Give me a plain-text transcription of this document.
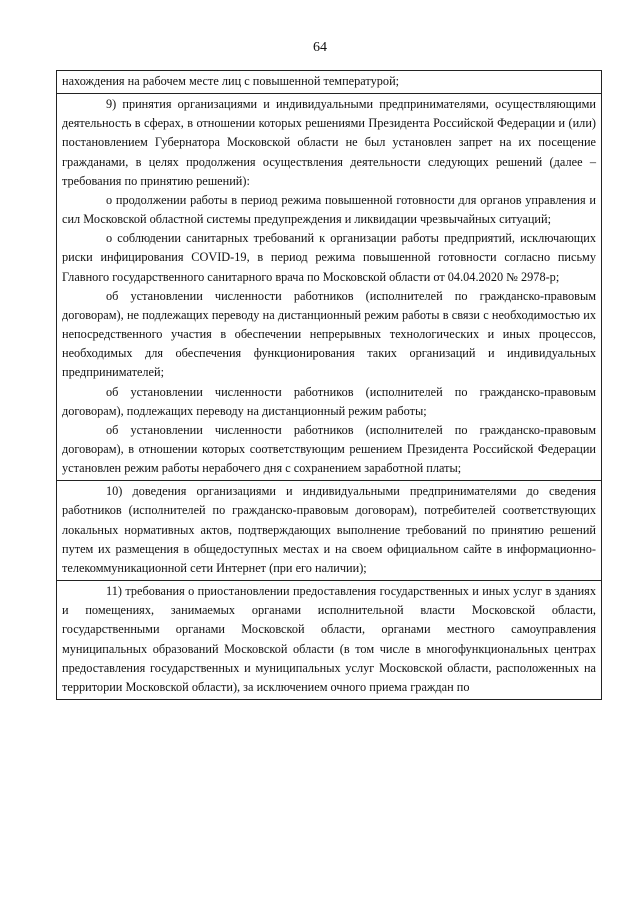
64

нахождения на рабочем месте лиц с повышенной температурой;

9) принятия организациями и индивидуальными предпринимателями, осуществляющими деятельность в сферах, в отношении которых решениями Президента Российской Федерации и (или) постановлением Губернатора Московской области не был установлен запрет на их посещение гражданами, в целях продолжения осуществления деятельности следующих решений (далее – требования по принятию решений):

о продолжении работы в период режима повышенной готовности для органов управления и сил Московской областной системы предупреждения и ликвидации чрезвычайных ситуаций;

о соблюдении санитарных требований к организации работы предприятий, исключающих риски инфицирования COVID-19, в период режима повышенной готовности согласно письму Главного государственного санитарного врача по Московской области от 04.04.2020 № 2978-р;

об установлении численности работников (исполнителей по гражданско-правовым договорам), не подлежащих переводу на дистанционный режим работы в связи с необходимостью их непосредственного участия в обеспечении непрерывных технологических и иных процессов, необходимых для обеспечения функционирования таких организаций и индивидуальных предпринимателей;

об установлении численности работников (исполнителей по гражданско-правовым договорам), подлежащих переводу на дистанционный режим работы;

об установлении численности работников (исполнителей по гражданско-правовым договорам), в отношении которых соответствующим решением Президента Российской Федерации установлен режим работы нерабочего дня с сохранением заработной платы;

10) доведения организациями и индивидуальными предпринимателями до сведения работников (исполнителей по гражданско-правовым договорам), потребителей соответствующих локальных нормативных актов, подтверждающих выполнение требований по принятию решений путем их размещения в общедоступных местах и на своем официальном сайте в информационно-телекоммуникационной сети Интернет (при его наличии);

11) требования о приостановлении предоставления государственных и иных услуг в зданиях и помещениях, занимаемых органами исполнительной власти Московской области, государственными органами Московской области, органами местного самоуправления муниципальных образований Московской области (в том числе в многофункциональных центрах предоставления государственных и муниципальных услуг Московской области, расположенных на территории Московской области), за исключением очного приема граждан по
